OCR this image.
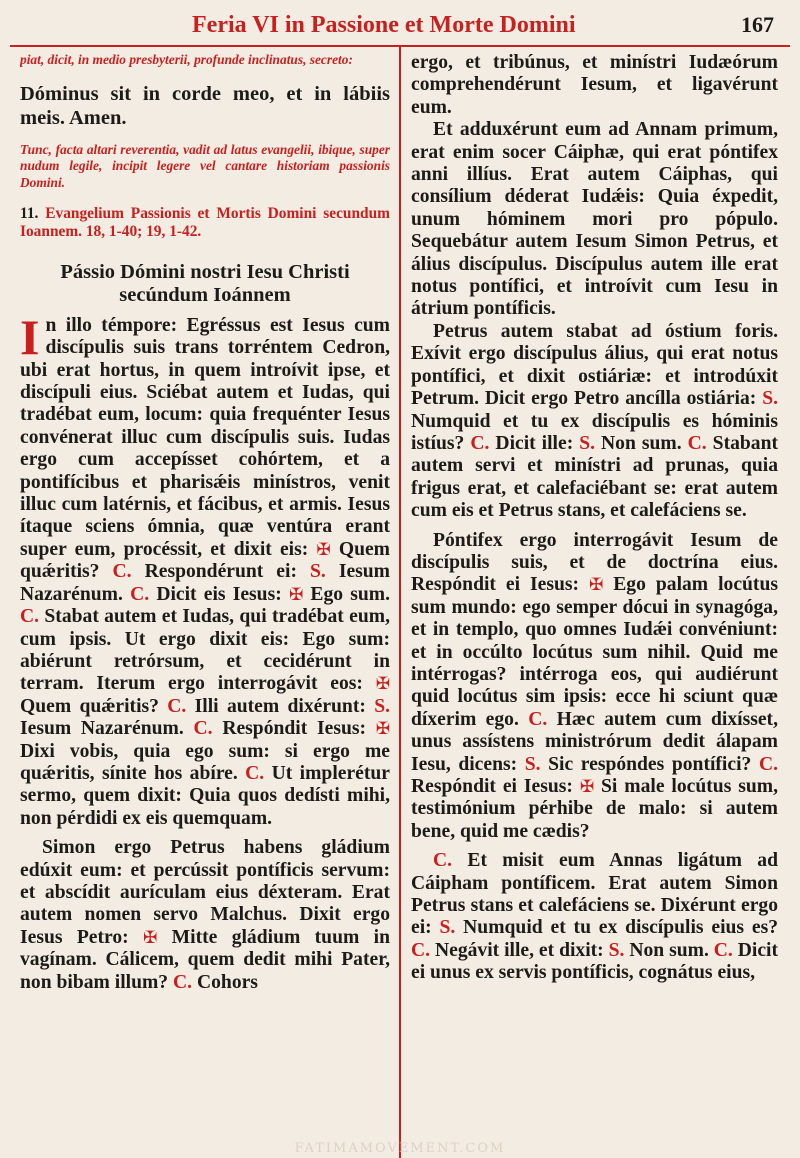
Feria VI in Passione et Morte Domini	167

piat, dicit, in medio presbyterii, profunde inclinatus, secreto:

Dóminus sit in corde meo, et in lábiis meis. Amen.

Tunc, facta altari reverentia, vadit ad latus evangelii, ibique, super nudum legile, incipit legere vel cantare historiam passionis Domini.

11. Evangelium Passionis et Mortis Domini secundum Ioannem. 18, 1-40; 19, 1-42.

Pássio Dómini nostri Iesu Christi
secúndum Ioánnem

In illo témpore: Egréssus est Iesus cum discípulis suis trans torréntem Cedron, ubi erat hortus, in quem introívit ipse, et discípuli eius. Sciébat autem et Iudas, qui tradébat eum, locum: quia frequénter Iesus convénerat illuc cum discípulis suis. Iudas ergo cum accepísset cohórtem, et a pontifícibus et pharisǽis minístros, venit illuc cum latérnis, et fácibus, et armis. Iesus ítaque sciens ómnia, quæ ventúra erant super eum, procéssit, et dixit eis: ✠ Quem quǽritis? C. Respondérunt ei: S. Iesum Nazarénum. C. Dicit eis Iesus: ✠ Ego sum. C. Stabat autem et Iudas, qui tradébat eum, cum ipsis. Ut ergo dixit eis: Ego sum: abiérunt retrórsum, et cecidérunt in terram. Iterum ergo interrogávit eos: ✠ Quem quǽritis? C. Illi autem dixérunt: S. Iesum Nazarénum. C. Respóndit Iesus: ✠ Dixi vobis, quia ego sum: si ergo me quǽritis, sínite hos abíre. C. Ut implerétur sermo, quem dixit: Quia quos dedísti mihi, non pérdidi ex eis quemquam.

Simon ergo Petrus habens gládium edúxit eum: et percússit pontíficis servum: et abscídit aurículam eius déxteram. Erat autem nomen servo Malchus. Dixit ergo Iesus Petro: ✠ Mitte gládium tuum in vagínam. Cálicem, quem dedit mihi Pater, non bibam illum? C. Cohors

ergo, et tribúnus, et minístri Iudæórum comprehendérunt Iesum, et ligavérunt eum.

Et adduxérunt eum ad Annam primum, erat enim socer Cáiphæ, qui erat póntifex anni illíus. Erat autem Cáiphas, qui consílium déderat Iudǽis: Quia éxpedit, unum hóminem mori pro pópulo. Sequebátur autem Iesum Simon Petrus, et álius discípulus. Discípulus autem ille erat notus pontífici, et introívit cum Iesu in átrium pontíficis.

Petrus autem stabat ad óstium foris. Exívit ergo discípulus álius, qui erat notus pontífici, et dixit ostiáriæ: et introdúxit Petrum. Dicit ergo Petro ancílla ostiária: S. Numquid et tu ex discípulis es hóminis istíus? C. Dicit ille: S. Non sum. C. Stabant autem servi et minístri ad prunas, quia frigus erat, et calefaciébant se: erat autem cum eis et Petrus stans, et calefáciens se.

Póntifex ergo interrogávit Iesum de discípulis suis, et de doctrína eius. Respóndit ei Iesus: ✠ Ego palam locútus sum mundo: ego semper dócui in synagóga, et in templo, quo omnes Iudǽi convéniunt: et in occúlto locútus sum nihil. Quid me intérrogas? intérroga eos, qui audiérunt quid locútus sim ipsis: ecce hi sciunt quæ díxerim ego. C. Hæc autem cum dixísset, unus assístens ministrórum dedit álapam Iesu, dicens: S. Sic respóndes pontífici? C. Respóndit ei Iesus: ✠ Si male locútus sum, testimónium pérhibe de malo: si autem bene, quid me cædis?

C. Et misit eum Annas ligátum ad Cáipham pontíficem. Erat autem Simon Petrus stans et calefáciens se. Dixérunt ergo ei: S. Numquid et tu ex discípulis eius es? C. Negávit ille, et dixit: S. Non sum. C. Dicit ei unus ex servis pontíficis, cognátus eius,

FATIMAMOVEMENT.COM
